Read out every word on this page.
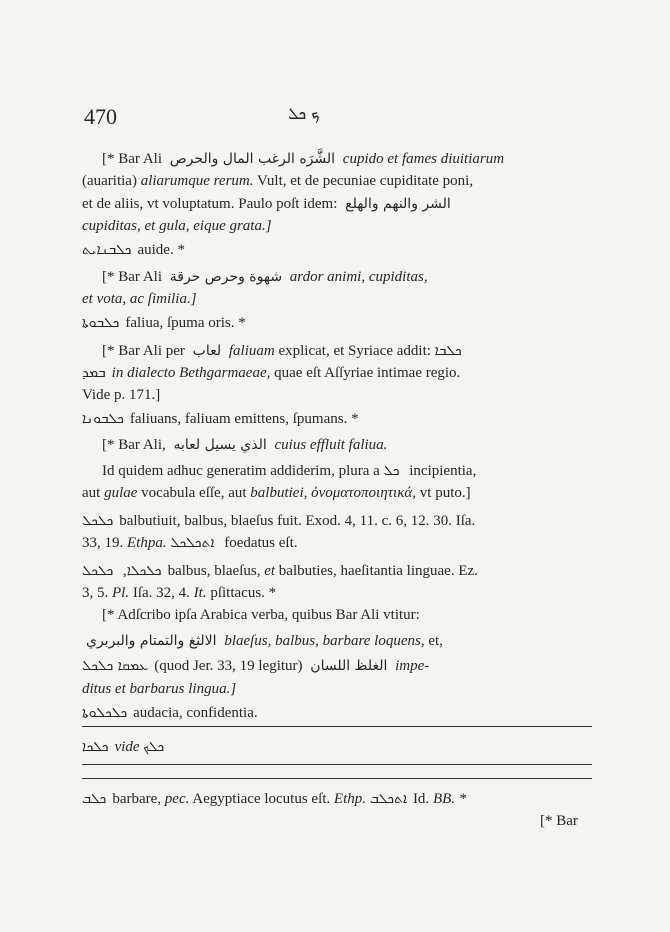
470	ܟ ܟܠ
[* Bar Ali الشَّرَه الرغب المال والحرص cupido et fames diuitiarum
(auaritia) aliarumque rerum. Vult, et de pecuniae cupiditate poni,
et de aliis, vt voluptatum. Paulo poſt idem: الشر والنهم والهلع
cupiditas, et gula, eique grata.]
ܟܠܒܢܐܝܬ auide. *
[* Bar Ali شهوة وحرص حرقة ardor animi, cupiditas,
et vota, ac ſimilia.]
ܟܠܒܘܬܐ faliua, ſpuma oris. *
[* Bar Ali per لعاب faliuam explicat, et Syriace addit: ܟܠܒܐ
ܒܡܕ in dialecto Bethgarmaeae, quae eſt Aſſyriae intimae regio.
Vide p. 171.]
ܟܠܒܘܢܐ faliuans, faliuam emittens, ſpumans. *
[* Bar Ali, الذي يسيل لعابه cuius effluit faliua.
Id quidem adhuc generatim addiderim, plura a ܟܠ incipientia,
aut gulae vocabula eſſe, aut balbutiei, ὀνοματοποιητικά, vt puto.]
ܟܠܟܠ balbutiuit, balbus, blaeſus fuit. Exod. 4, 11. c. 6, 12. 30. Iſa.
33, 19. Ethpa. ܐܬܟܠܟܠ foedatus eſt.
ܟܠܟܠܐ, ܟܠܟܠ	balbus, blaeſus, et balbuties, haeſitantia linguae. Ez.
3, 5. Pl. Iſa. 32, 4. It. pſittacus. *
[* Adſcribo ipſa Arabica verba, quibus Bar Ali vtitur:
الالثغ والتمتام والبربري blaeſus, balbus, barbare loquens, et,
ܥܡܩܐ ܟܠܟܠ (quod Jer. 33, 19 legitur) الغلظ اللسان impe-
ditus et barbarus lingua.]
ܟܠܟܠܘܬܐ audacia, confidentia.
ܟܠܟܐ vide ܟܠܟ
ܟܠܒ barbare, pec. Aegyptiace locutus eſt. Ethp. ܐܬܟܠܒ Id. BB. *
[* Bar
